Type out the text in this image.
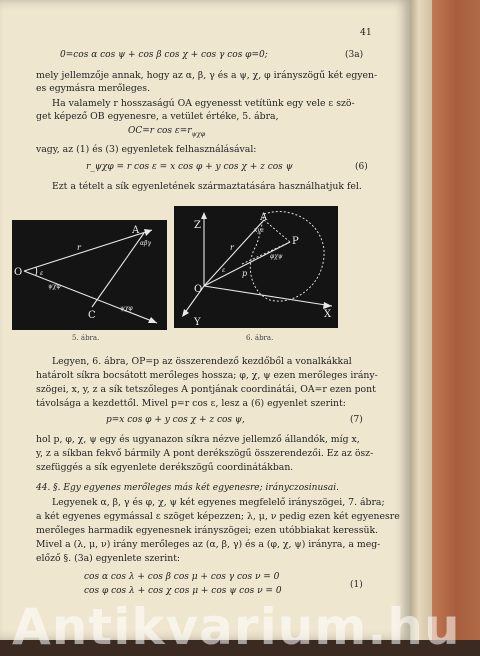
41
0=cos α cos ψ + cos β cos χ + cos γ cos φ=0;	(3a)
mely jellemzője annak, hogy az α, β, γ és a ψ, χ, φ irányszögű két egyen-
es egymásra merőleges.
Ha valamely r hosszaságú OA egyenesst vetítünk egy vele ε szö-
get képező OB egyenesre, a vetület értéke, 5. ábra,
OC=r $\cos \varepsilon=r_{\psi\chi\varphi}$
vagy, az (1) és (3) egyenletek felhasználásával:
r_ψχφ = r cos ε = x cos φ + y cos χ + z cos ψ	(6)
Ezt a tételt a sík egyenletének származtatására használhatjuk fel.
O
A
C
r
ε
αβγ
ψχφ
ψχφ
5. ábra.
Z
X
Y
O
A
P
r
p
ε
xyz
φχψ
6. ábra.
Legyen, 6. ábra, OP=p az összerendező kezdőből a vonalkákkal
határolt síkra bocsátott merőleges hossza; φ, χ, ψ ezen merőleges irány-
szögei, x, y, z a sík tetszőleges A pontjának coordinátái, OA=r ezen pont
távolsága a kezdettől. Mivel p=r cos ε, lesz a (6) egyenlet szerint:
p=x cos φ + y cos χ + z cos ψ,	(7)
hol p, φ, χ, ψ egy és ugyanazon síkra nézve jellemző állandók, míg x,
y, z a síkban fekvő bármily A pont derékszögű összerendezői. Ez az ösz-
szefüggés a sík egyenlete derékszögű coordinátákban.
44. §. Egy egyenes merőleges más két egyenesre; irányczosinusai.
Legyenek α, β, γ és φ, χ, ψ két egyenes megfelelő irányszögei, 7. ábra;
a két egyenes egymással ε szöget képezzen; λ, μ, ν pedig ezen két egyenesre
merőleges harmadik egyenesnek irányszögei; ezen utóbbiakat keressük.
Mivel a (λ, μ, ν) irány merőleges az (α, β, γ) és a (φ, χ, ψ) irányra, a meg-
előző §. (3a) egyenlete szerint:
cos α cos λ + cos β cos μ + cos γ cos ν = 0
cos φ cos λ + cos χ cos μ + cos ψ cos ν = 0
(1)
Antikvarium.hu
